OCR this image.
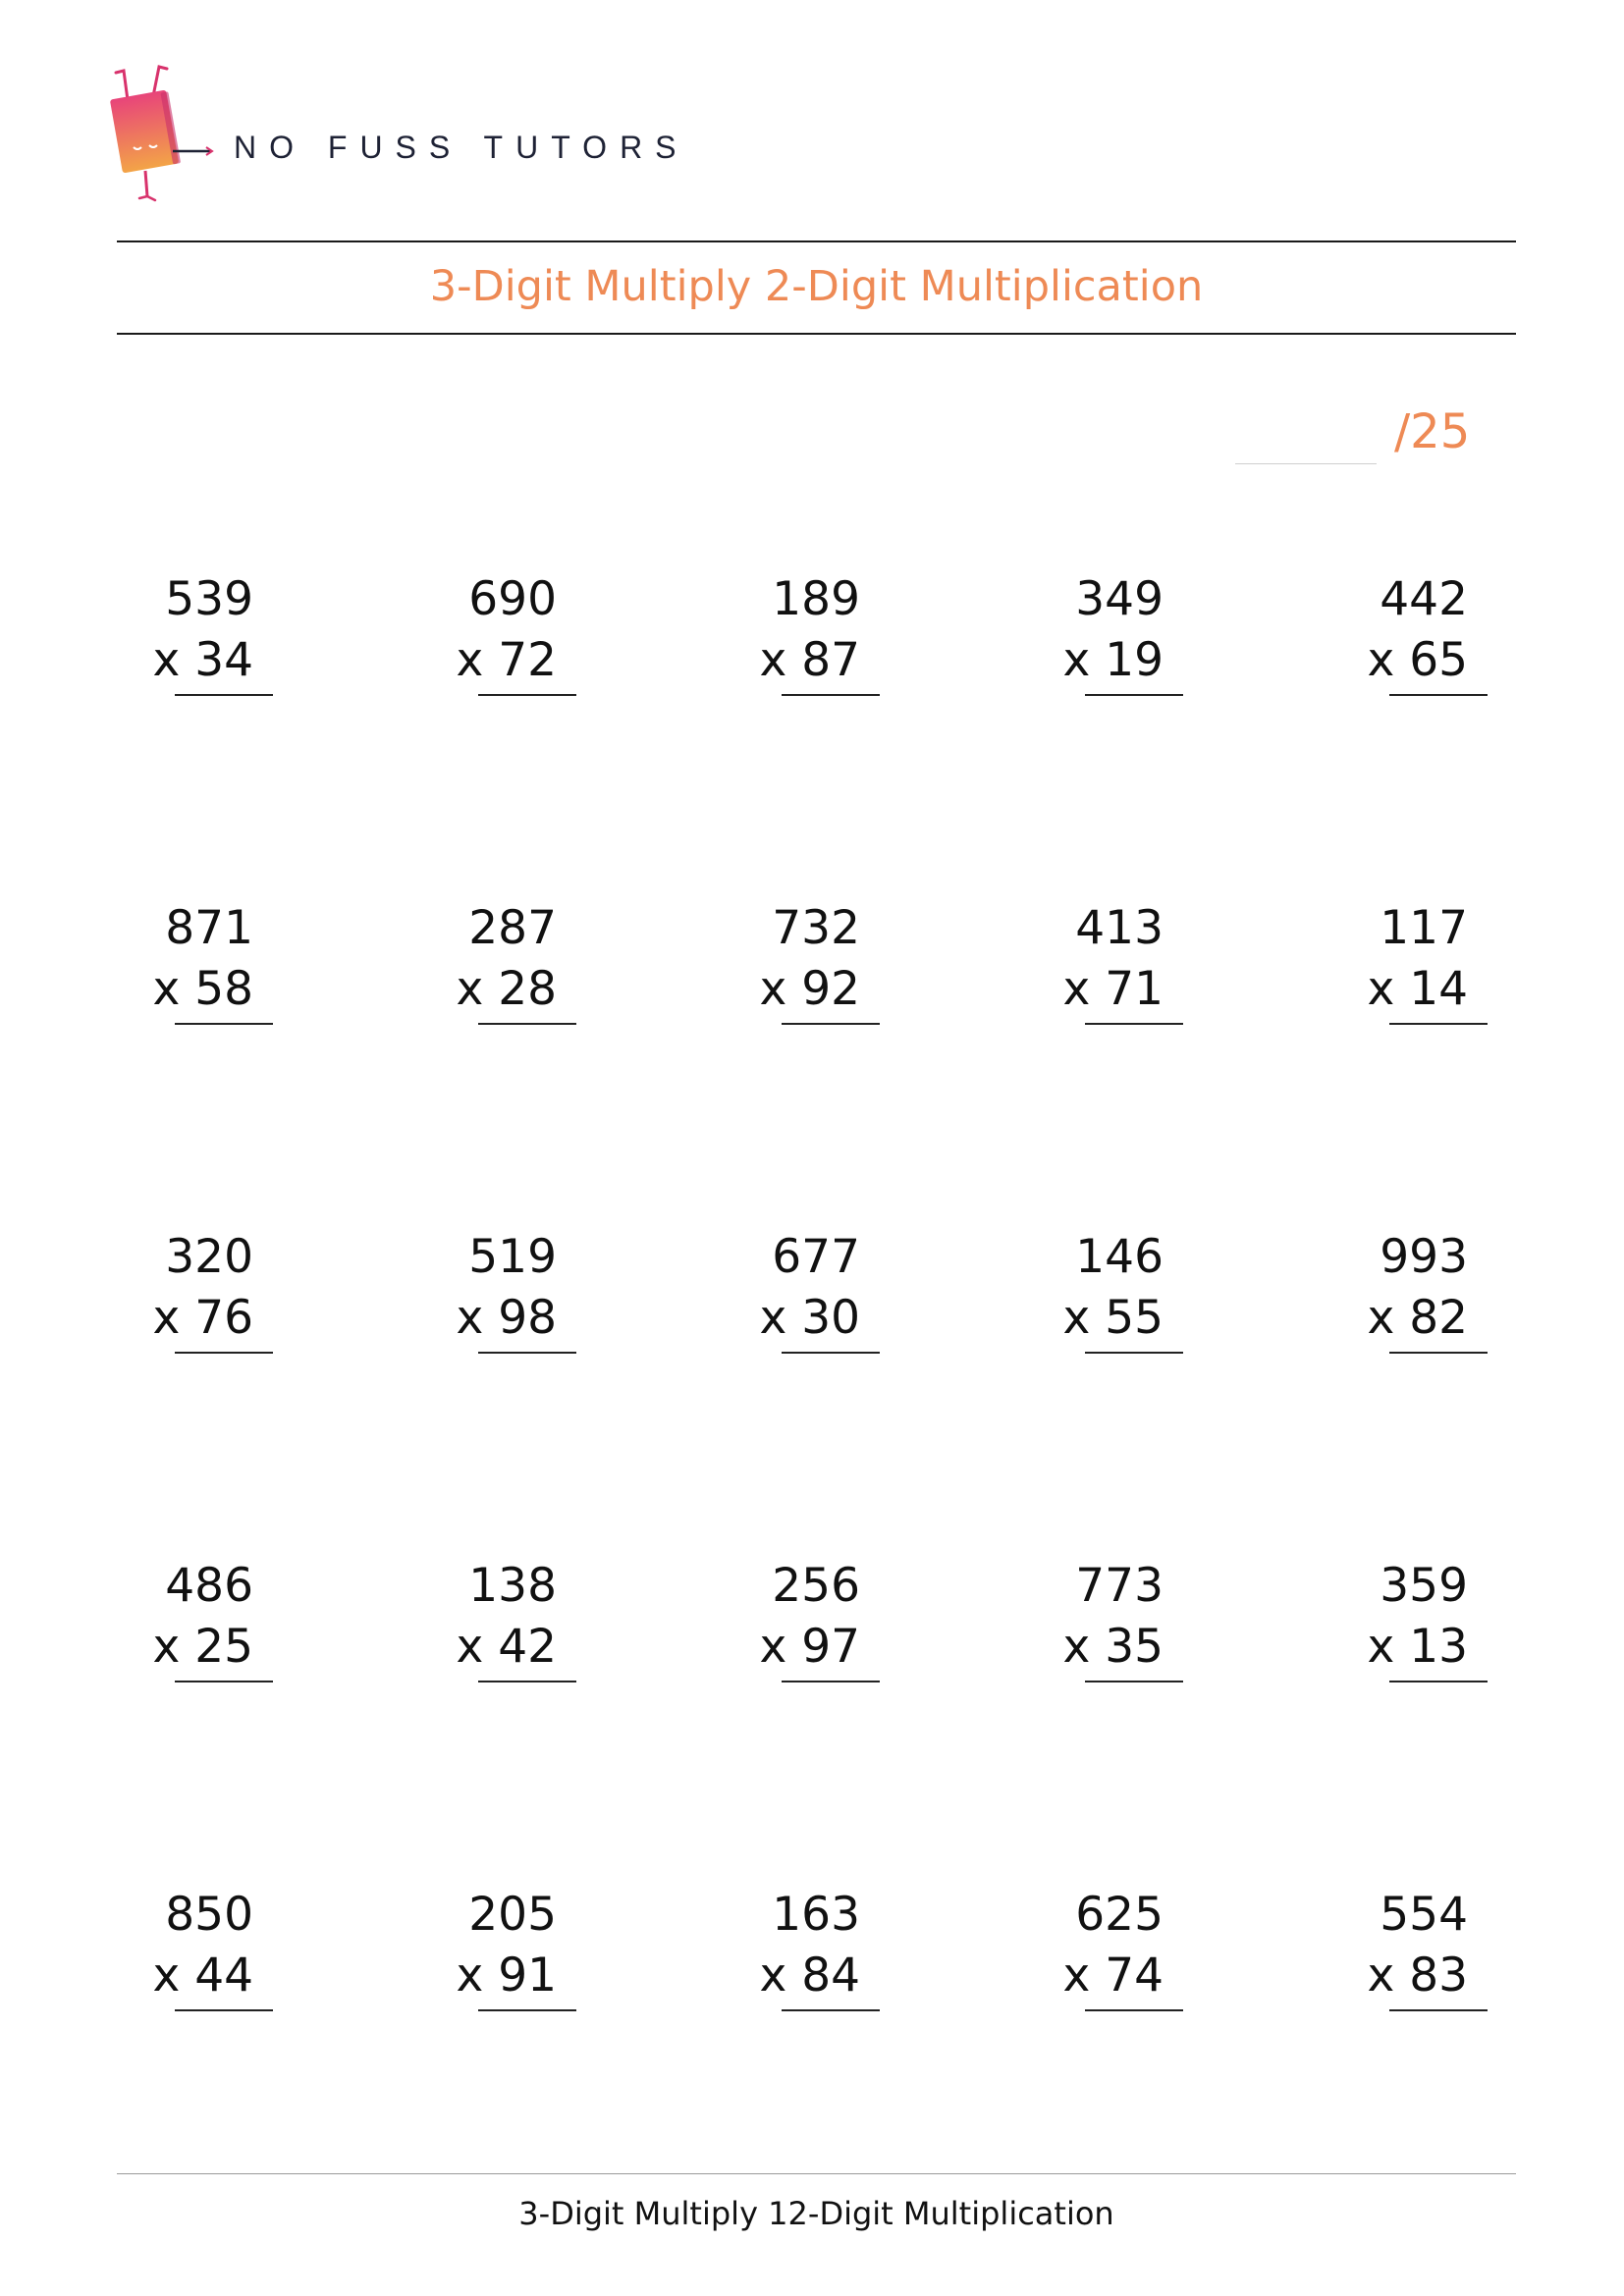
NO FUSS TUTORS
3-Digit Multiply 2-Digit Multiplication
/25
539
x 34
690
x 72
189
x 87
349
x 19
442
x 65
871
x 58
287
x 28
732
x 92
413
x 71
117
x 14
320
x 76
519
x 98
677
x 30
146
x 55
993
x 82
486
x 25
138
x 42
256
x 97
773
x 35
359
x 13
850
x 44
205
x 91
163
x 84
625
x 74
554
x 83
3-Digit Multiply 12-Digit Multiplication
